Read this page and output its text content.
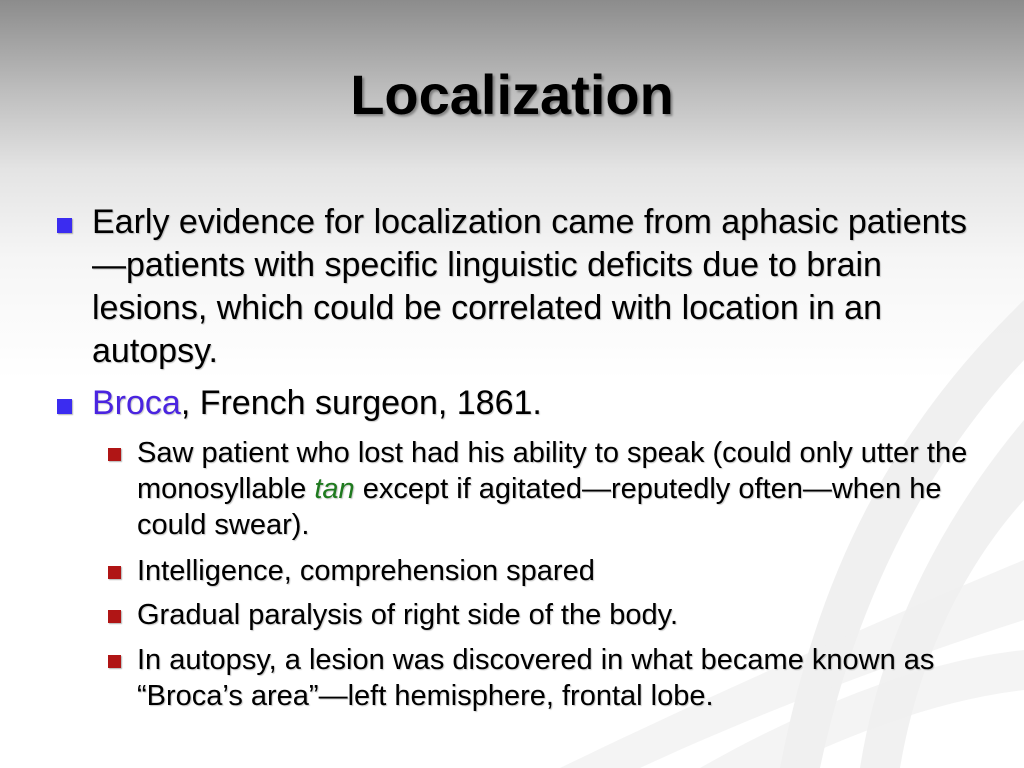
Localization
Early evidence for localization came from aphasic patients—patients with specific linguistic deficits due to brain lesions, which could be correlated with location in an autopsy.
Broca, French surgeon, 1861.
Saw patient who lost had his ability to speak (could only utter the monosyllable tan except if agitated—reputedly often—when he could swear).
Intelligence, comprehension spared
Gradual paralysis of right side of the body.
In autopsy, a lesion was discovered in what became known as “Broca’s area”—left hemisphere, frontal lobe.
